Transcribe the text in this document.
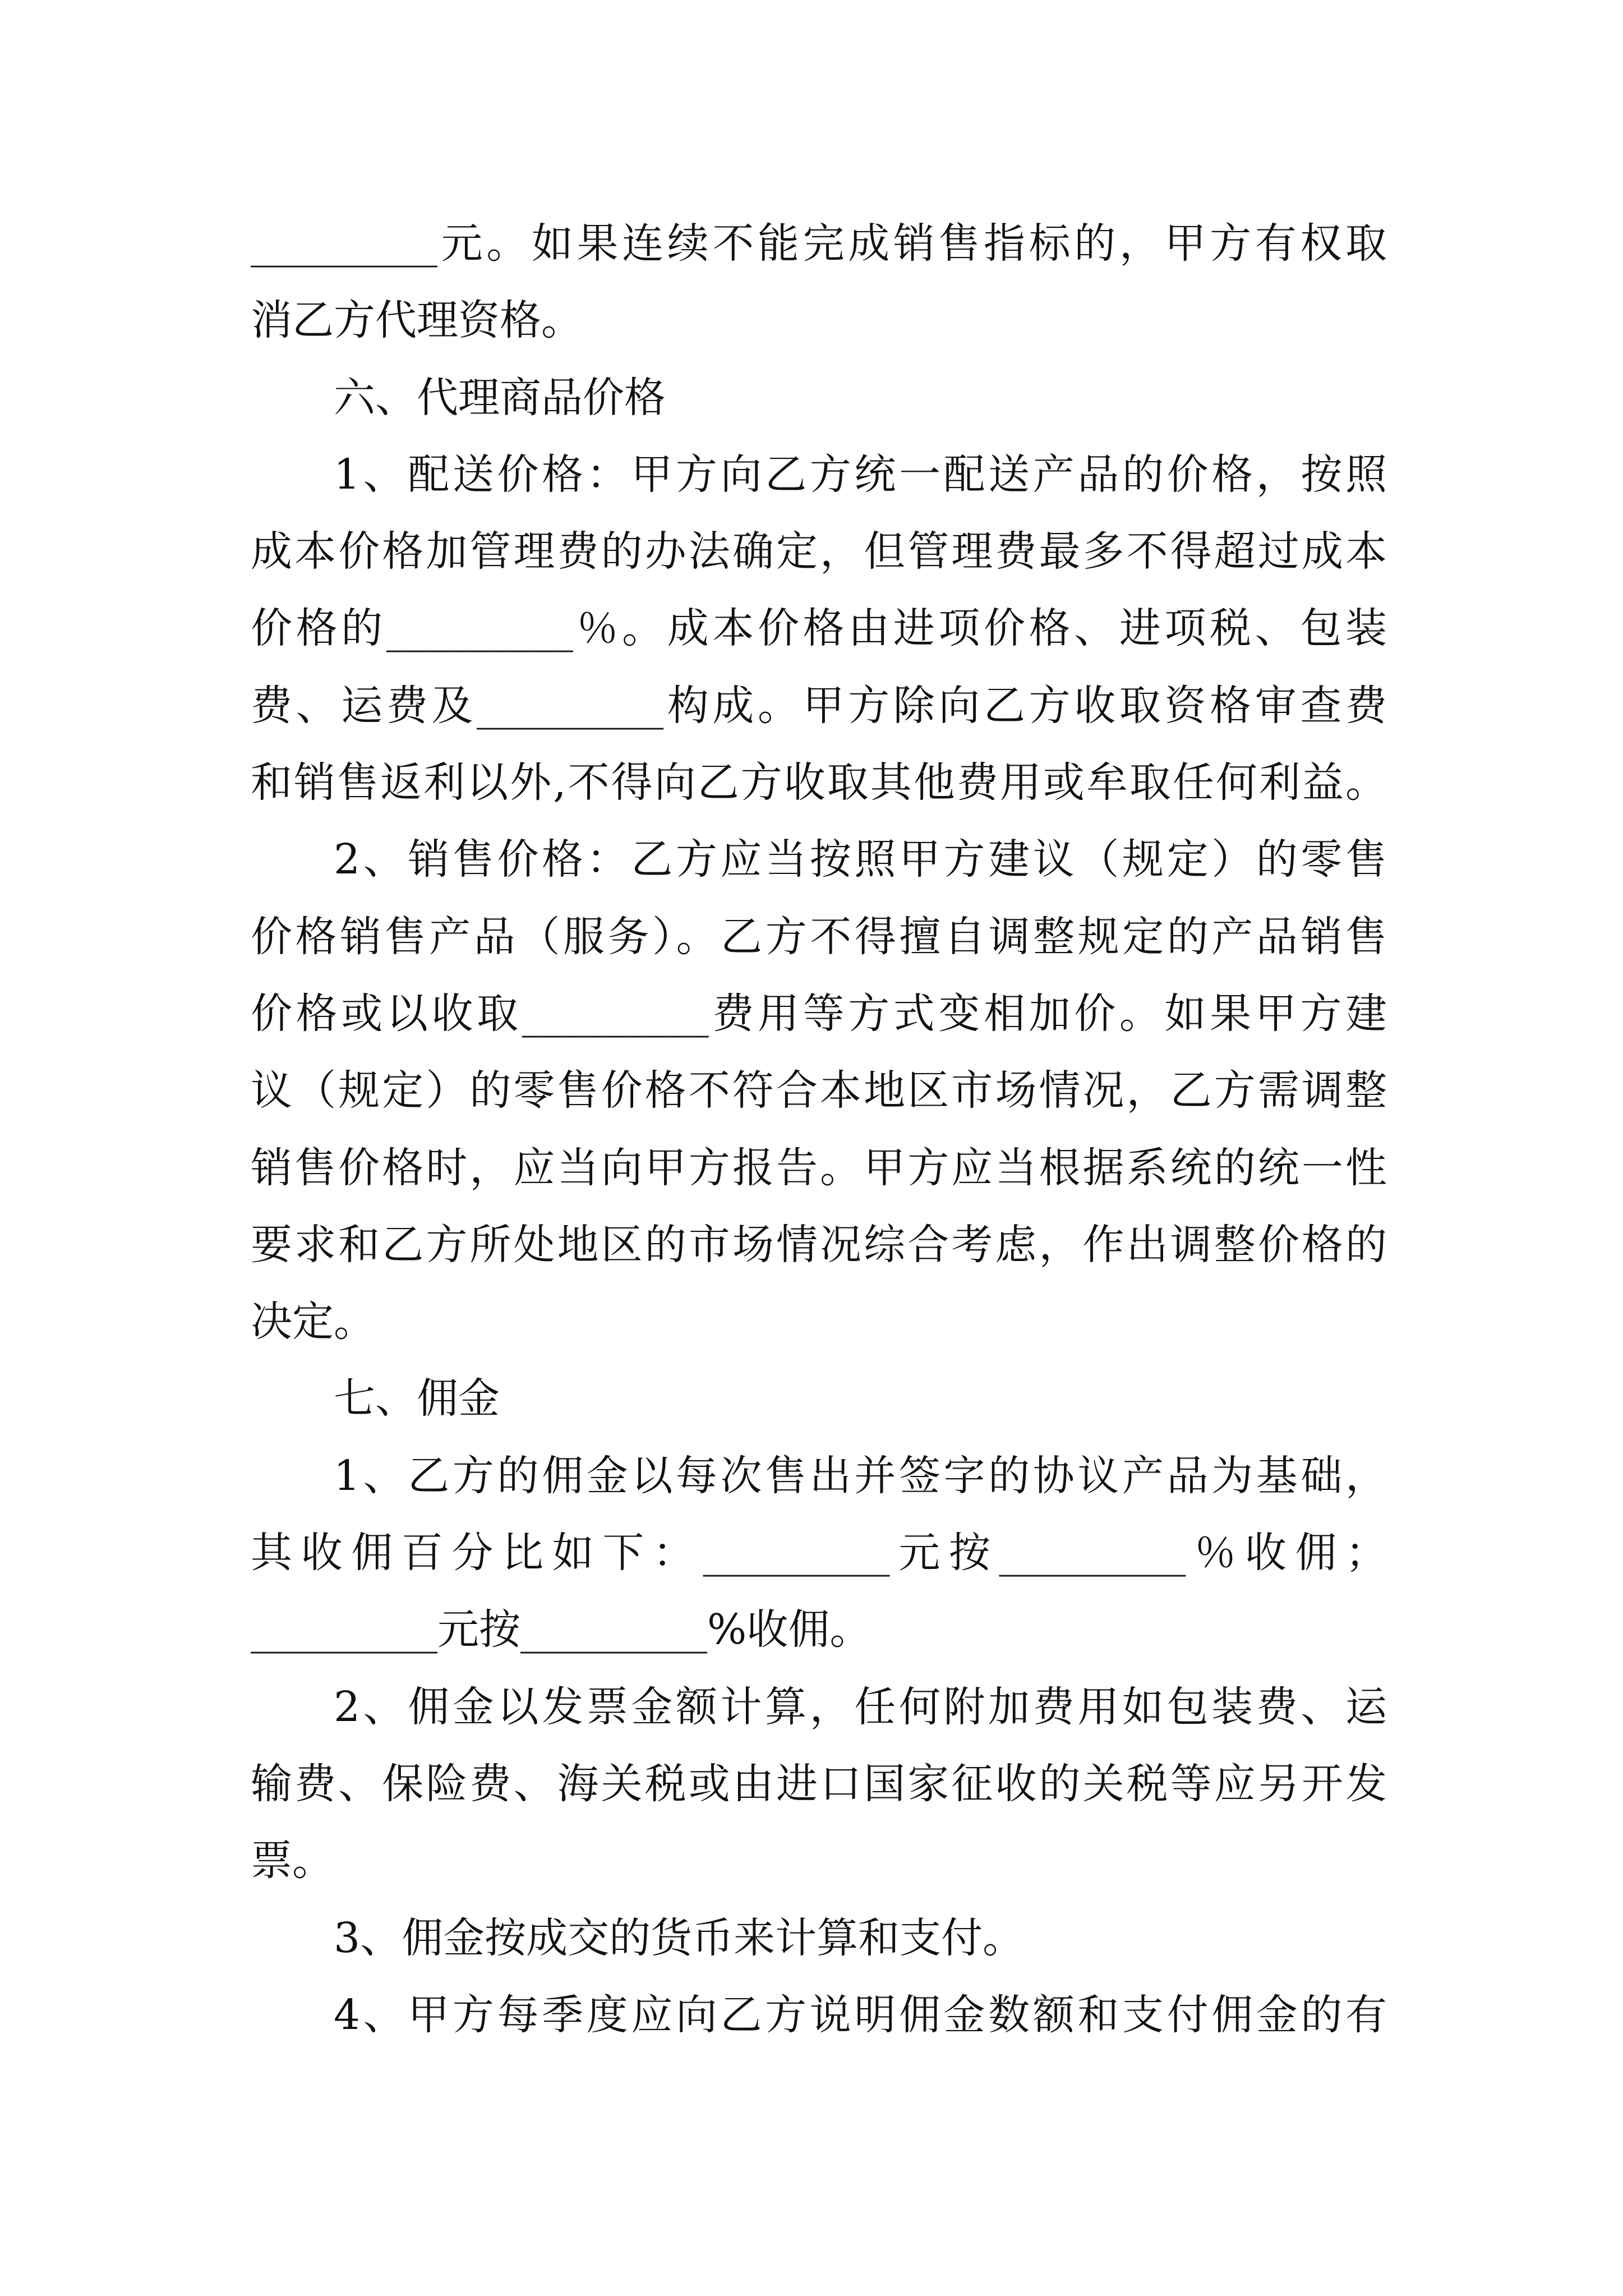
_________元。如果连续不能完成销售指标的，甲方有权取
消乙方代理资格。
六、代理商品价格
1、配送价格：甲方向乙方统一配送产品的价格，按照
成本价格加管理费的办法确定，但管理费最多不得超过成本
价格的_________％。成本价格由进项价格、进项税、包装
费、运费及_________构成。甲方除向乙方收取资格审查费
和销售返利以外,不得向乙方收取其他费用或牟取任何利益。
2、销售价格：乙方应当按照甲方建议（规定）的零售
价格销售产品（服务）。乙方不得擅自调整规定的产品销售
价格或以收取_________费用等方式变相加价。如果甲方建
议（规定）的零售价格不符合本地区市场情况，乙方需调整
销售价格时，应当向甲方报告。甲方应当根据系统的统一性
要求和乙方所处地区的市场情况综合考虑，作出调整价格的
决定。
七、佣金
1、乙方的佣金以每次售出并签字的协议产品为基础，
其收佣百分比如下：_________元按_________％收佣；
_________元按_________%收佣。
2、佣金以发票金额计算，任何附加费用如包装费、运
输费、保险费、海关税或由进口国家征收的关税等应另开发
票。
3、佣金按成交的货币来计算和支付。
4、甲方每季度应向乙方说明佣金数额和支付佣金的有
